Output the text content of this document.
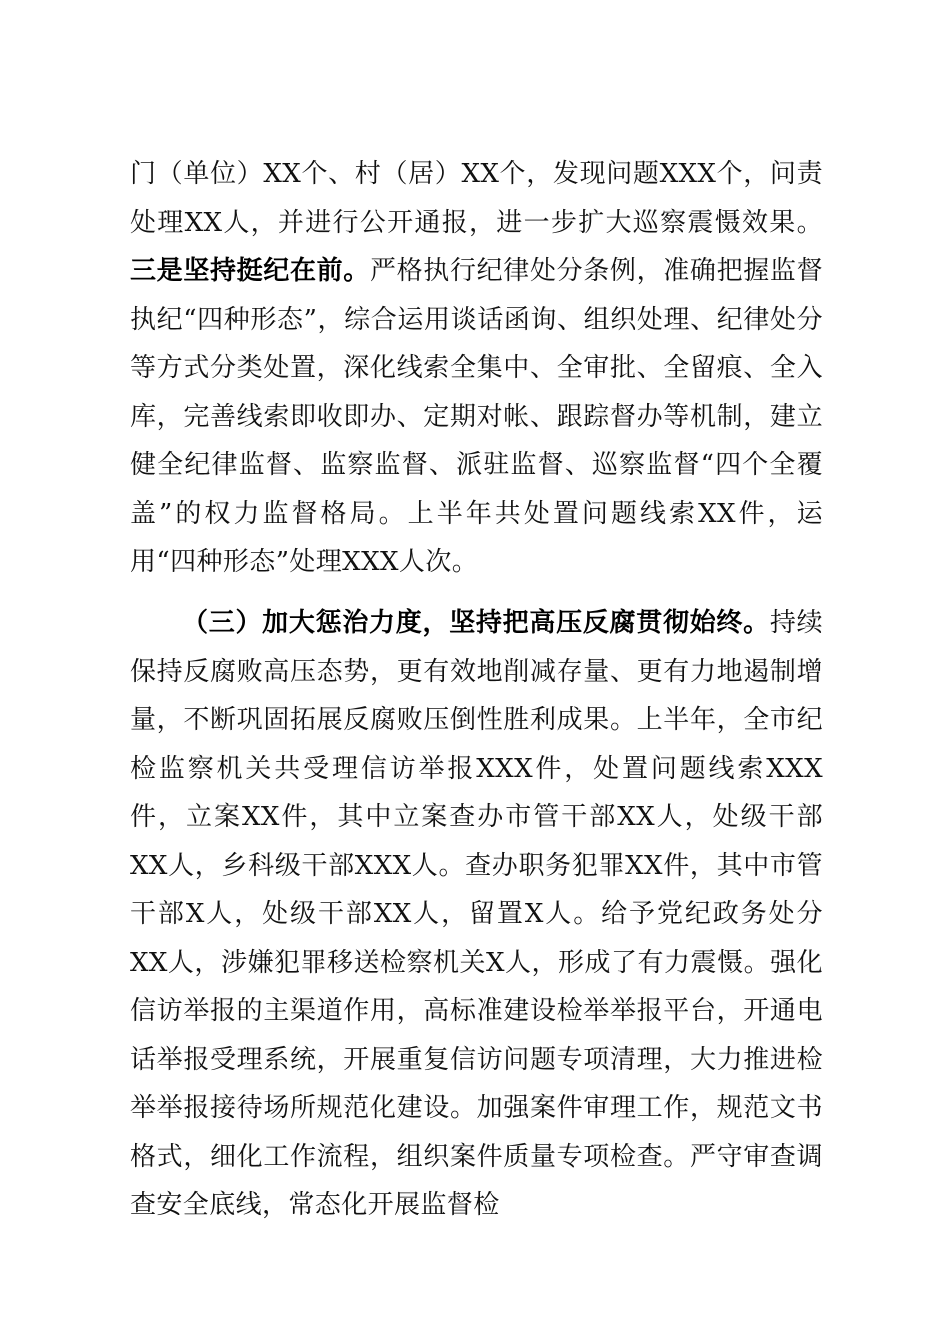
门（单位）XX个、村（居）XX个，发现问题XXX个，问责处理XX人，并进行公开通报，进一步扩大巡察震慑效果。三是坚持挺纪在前。严格执行纪律处分条例，准确把握监督执纪“四种形态”，综合运用谈话函询、组织处理、纪律处分等方式分类处置，深化线索全集中、全审批、全留痕、全入库，完善线索即收即办、定期对帐、跟踪督办等机制，建立健全纪律监督、监察监督、派驻监督、巡察监督“四个全覆盖”的权力监督格局。上半年共处置问题线索XX件，运用“四种形态”处理XXX人次。

（三）加大惩治力度，坚持把高压反腐贯彻始终。持续保持反腐败高压态势，更有效地削减存量、更有力地遏制增量，不断巩固拓展反腐败压倒性胜利成果。上半年，全市纪检监察机关共受理信访举报XXX件，处置问题线索XXX件，立案XX件，其中立案查办市管干部XX人，处级干部XX人，乡科级干部XXX人。查办职务犯罪XX件，其中市管干部X人，处级干部XX人，留置X人。给予党纪政务处分XX人，涉嫌犯罪移送检察机关X人，形成了有力震慑。强化信访举报的主渠道作用，高标准建设检举举报平台，开通电话举报受理系统，开展重复信访问题专项清理，大力推进检举举报接待场所规范化建设。加强案件审理工作，规范文书格式，细化工作流程，组织案件质量专项检查。严守审查调查安全底线，常态化开展监督检
